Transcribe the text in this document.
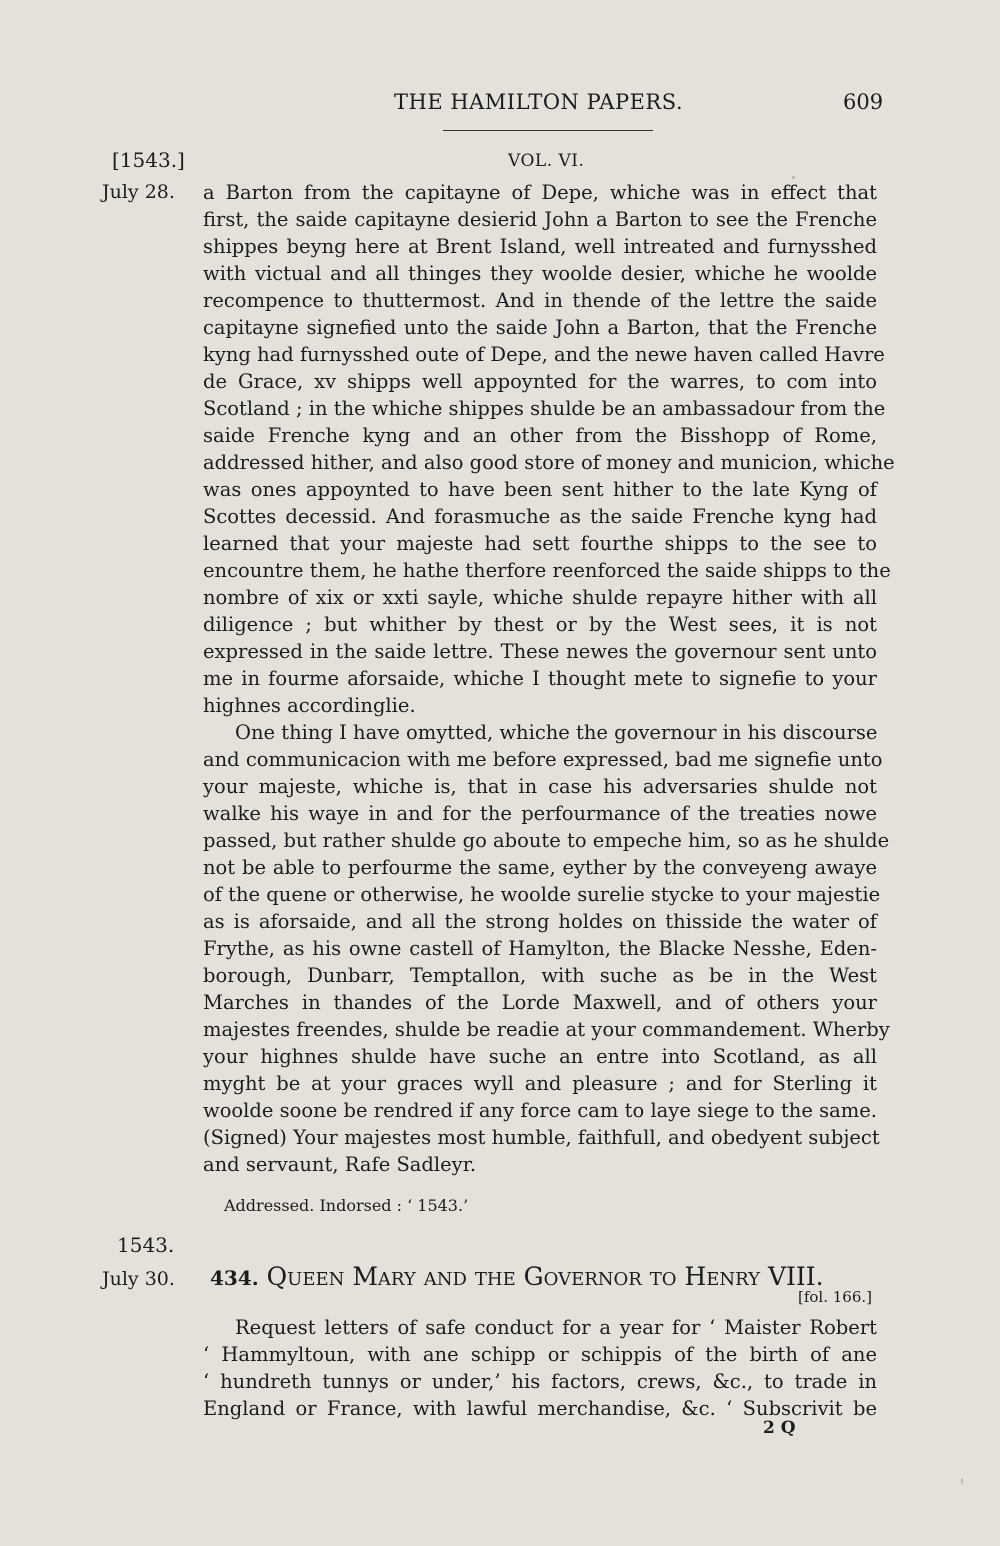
THE HAMILTON PAPERS.	609
[1543.]	VOL. VI.
July 28. a Barton from the capitayne of Depe, whiche was in effect that
first, the saide capitayne desierid John a Barton to see the Frenche
shippes beyng here at Brent Island, well intreated and furnysshed
with victual and all thinges they woolde desier, whiche he woolde
recompence to thuttermost. And in thende of the lettre the saide
capitayne signefied unto the saide John a Barton, that the Frenche
kyng had furnysshed oute of Depe, and the newe haven called Havre
de Grace, xv shipps well appoynted for the warres, to com into
Scotland ; in the whiche shippes shulde be an ambassadour from the
saide Frenche kyng and an other from the Bisshopp of Rome,
addressed hither, and also good store of money and municion, whiche
was ones appoynted to have been sent hither to the late Kyng of
Scottes decessid. And forasmuche as the saide Frenche kyng had
learned that your majeste had sett fourthe shipps to the see to
encountre them, he hathe therfore reenforced the saide shipps to the
nombre of xix or xxti sayle, whiche shulde repayre hither with all
diligence ; but whither by thest or by the West sees, it is not
expressed in the saide lettre. These newes the governour sent unto
me in fourme aforsaide, whiche I thought mete to signefie to your
highnes accordinglie.
One thing I have omytted, whiche the governour in his discourse
and communicacion with me before expressed, bad me signefie unto
your majeste, whiche is, that in case his adversaries shulde not
walke his waye in and for the perfourmance of the treaties nowe
passed, but rather shulde go aboute to empeche him, so as he shulde
not be able to perfourme the same, eyther by the conveyeng awaye
of the quene or otherwise, he woolde surelie stycke to your majestie
as is aforsaide, and all the strong holdes on thisside the water of
Frythe, as his owne castell of Hamylton, the Blacke Nesshe, Eden-
borough, Dunbarr, Temptallon, with suche as be in the West
Marches in thandes of the Lorde Maxwell, and of others your
majestes freendes, shulde be readie at your commandement. Wherby
your highnes shulde have suche an entre into Scotland, as all
myght be at your graces wyll and pleasure ; and for Sterling it
woolde soone be rendred if any force cam to laye siege to the same.
(Signed) Your majestes most humble, faithfull, and obedyent subject
and servaunt, Rafe Sadleyr.
Addressed. Indorsed : ‘ 1543.’
1543.
July 30. 434. Queen Mary and the Governor to Henry VIII.
[fol. 166.]
Request letters of safe conduct for a year for ‘ Maister Robert
‘ Hammyltoun, with ane schipp or schippis of the birth of ane
‘ hundreth tunnys or under,’ his factors, crews, &c., to trade in
England or France, with lawful merchandise, &c. ‘ Subscrivit be
2 Q
